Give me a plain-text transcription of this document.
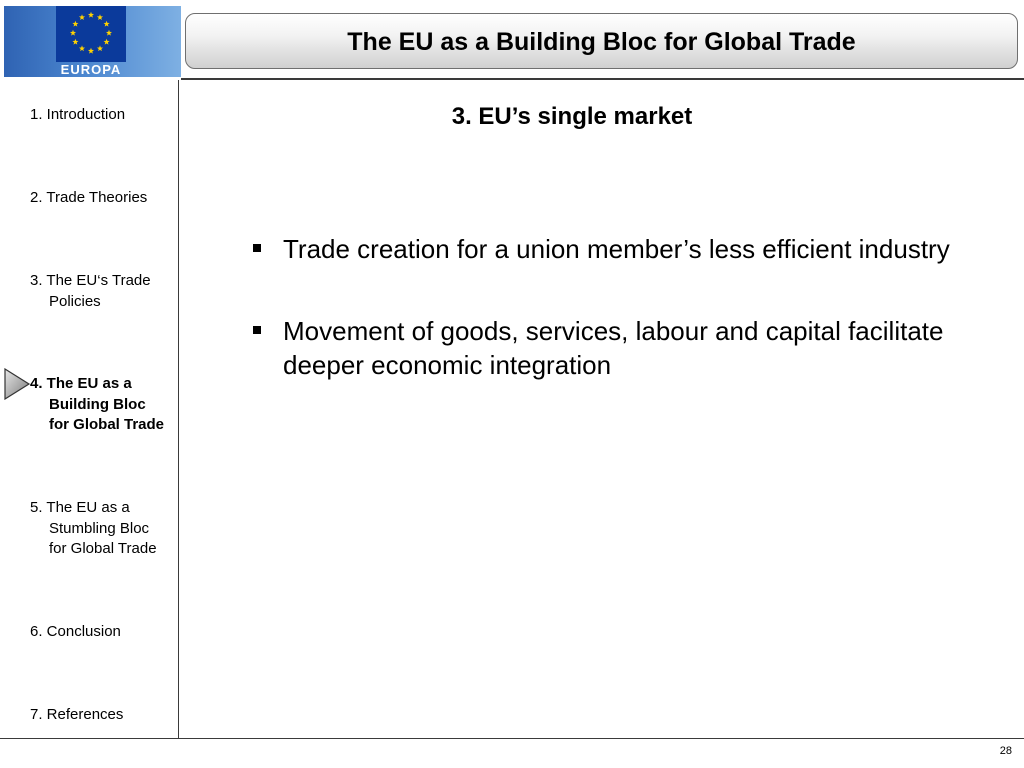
EUROPA
The EU as a Building Bloc for Global Trade
1. Introduction
2. Trade Theories
3. The EU‘s Trade
Policies
4. The EU as a
Building Bloc
for Global Trade
5. The EU as a
Stumbling Bloc
for Global Trade
6. Conclusion
7. References
3. EU’s single market
Trade creation for a union member’s less efficient industry
Movement of goods, services, labour and capital facilitate deeper economic integration
28
